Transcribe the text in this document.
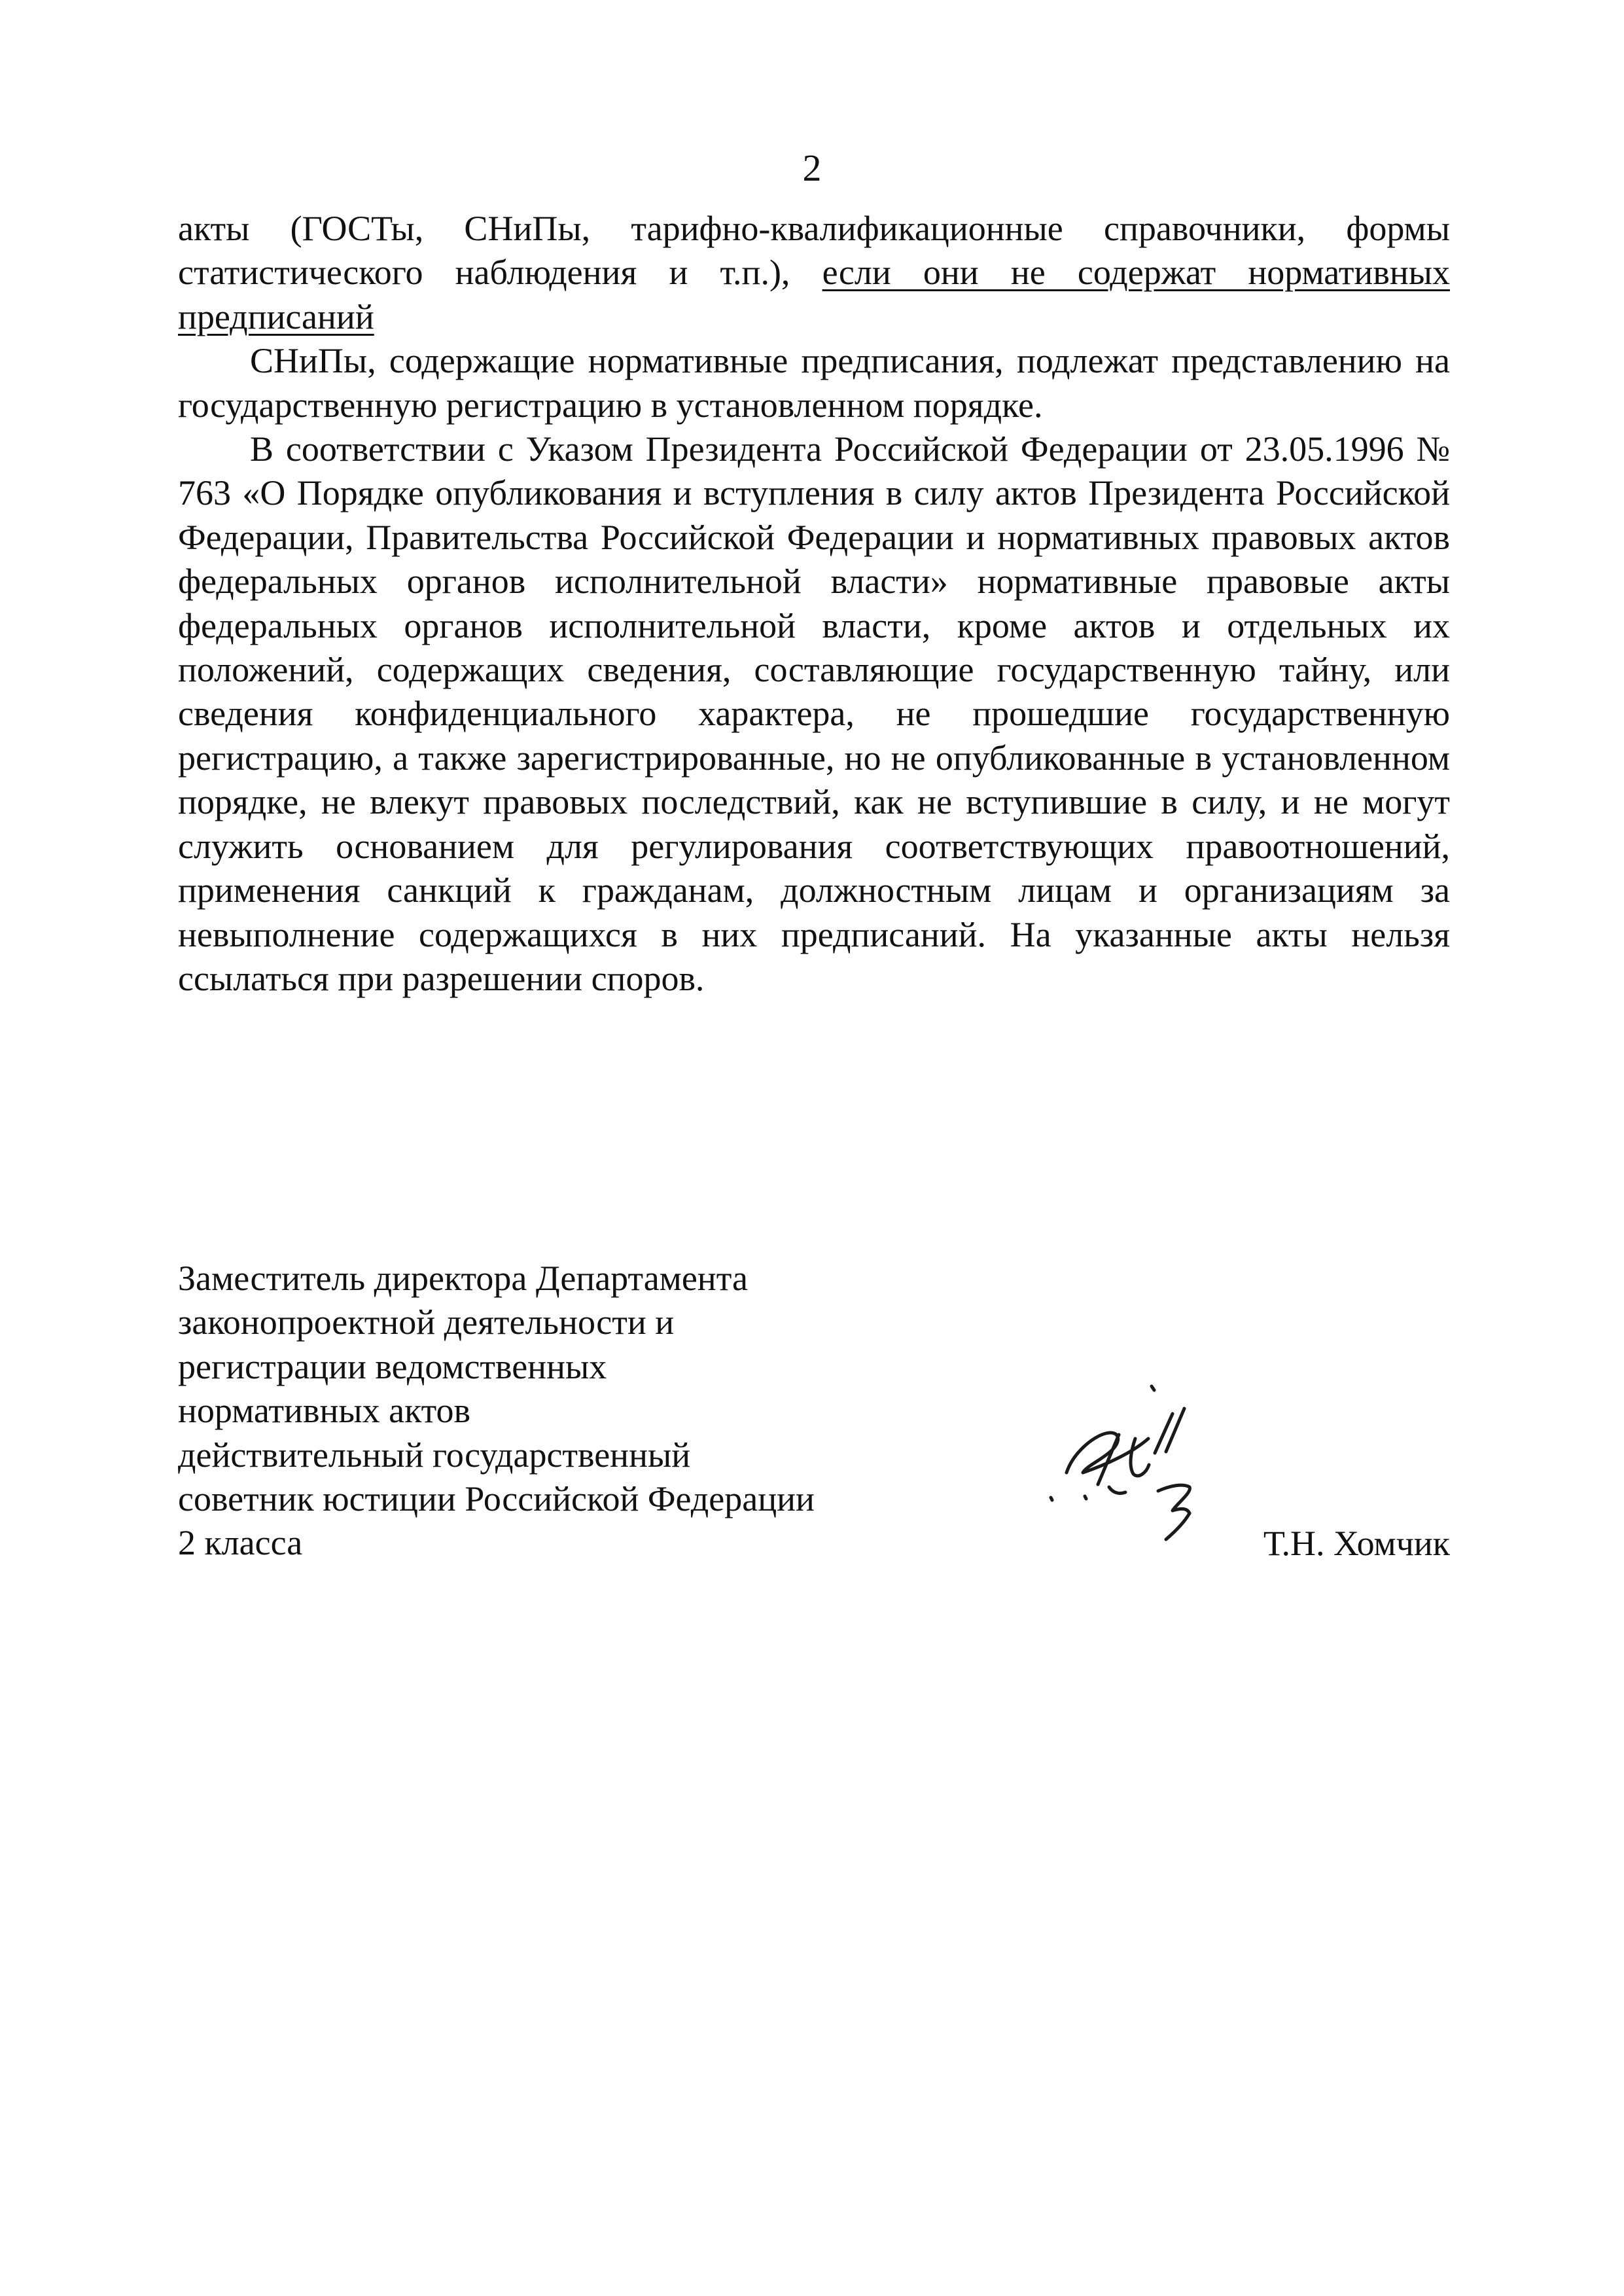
2

акты (ГОСТы, СНиПы, тарифно-квалификационные справочники, формы статистического наблюдения и т.п.), если они не содержат нормативных предписаний

СНиПы, содержащие нормативные предписания, подлежат представлению на государственную регистрацию в установленном порядке.

В соответствии с Указом Президента Российской Федерации от 23.05.1996 № 763 «О Порядке опубликования и вступления в силу актов Президента Российской Федерации, Правительства Российской Федерации и нормативных правовых актов федеральных органов исполнительной власти» нормативные правовые акты федеральных органов исполнительной власти, кроме актов и отдельных их положений, содержащих сведения, составляющие государственную тайну, или сведения конфиденциального характера, не прошедшие государственную регистрацию, а также зарегистрированные, но не опубликованные в установленном порядке, не влекут правовых последствий, как не вступившие в силу, и не могут служить основанием для регулирования соответствующих правоотношений, применения санкций к гражданам, должностным лицам и организациям за невыполнение содержащихся в них предписаний. На указанные акты нельзя ссылаться при разрешении споров.

Заместитель директора Департамента
законопроектной деятельности и
регистрации ведомственных
нормативных актов
действительный государственный
советник юстиции Российской Федерации
2 класса	Т.Н. Хомчик
